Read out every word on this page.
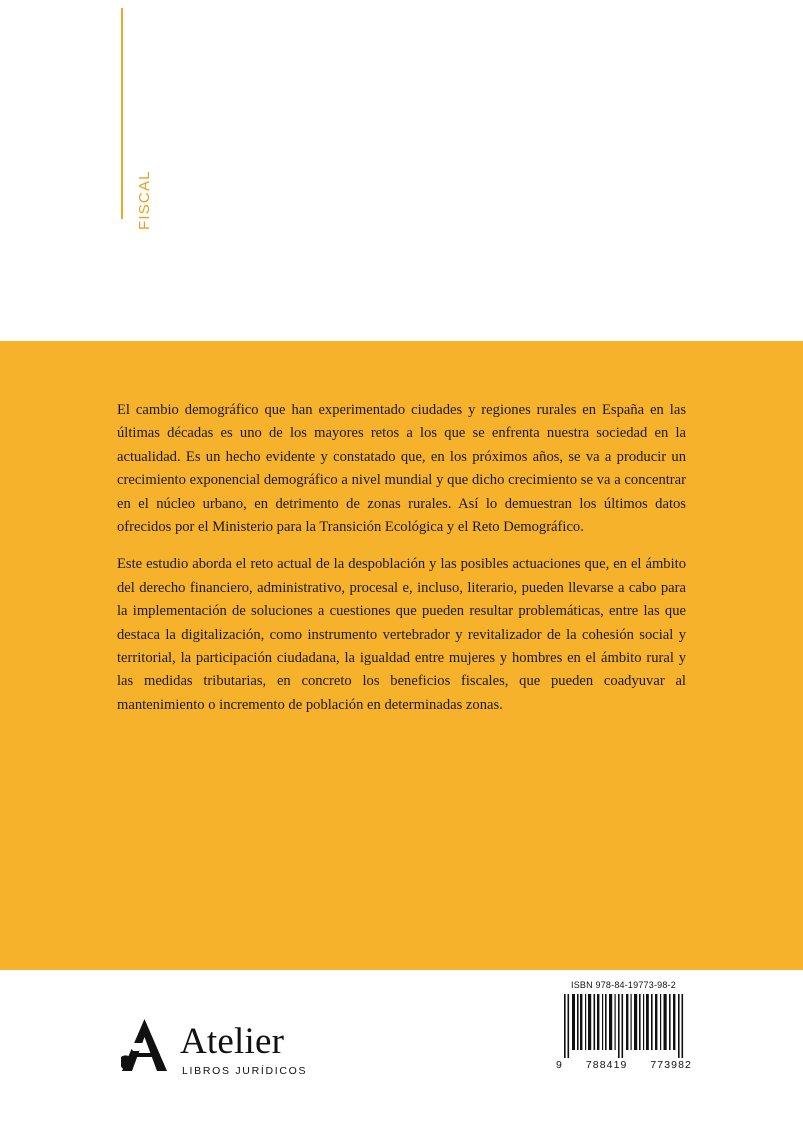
FISCAL

El cambio demográfico que han experimentado ciudades y regiones rurales en España en las últimas décadas es uno de los mayores retos a los que se enfrenta nuestra sociedad en la actualidad. Es un hecho evidente y constatado que, en los próximos años, se va a producir un crecimiento exponencial demográfico a nivel mundial y que dicho crecimiento se va a concentrar en el núcleo urbano, en detrimento de zonas rurales. Así lo demuestran los últimos datos ofrecidos por el Ministerio para la Transición Ecológica y el Reto Demográfico.

Este estudio aborda el reto actual de la despoblación y las posibles actuaciones que, en el ámbito del derecho financiero, administrativo, procesal e, incluso, literario, pueden llevarse a cabo para la implementación de soluciones a cuestiones que pueden resultar problemáticas, entre las que destaca la digitalización, como instrumento vertebrador y revitalizador de la cohesión social y territorial, la participación ciudadana, la igualdad entre mujeres y hombres en el ámbito rural y las medidas tributarias, en concreto los beneficios fiscales, que pueden coadyuvar al mantenimiento o incremento de población en determinadas zonas.

Atelier
LIBROS JURÍDICOS
ISBN 978-84-19773-98-2
9 788419 773982
